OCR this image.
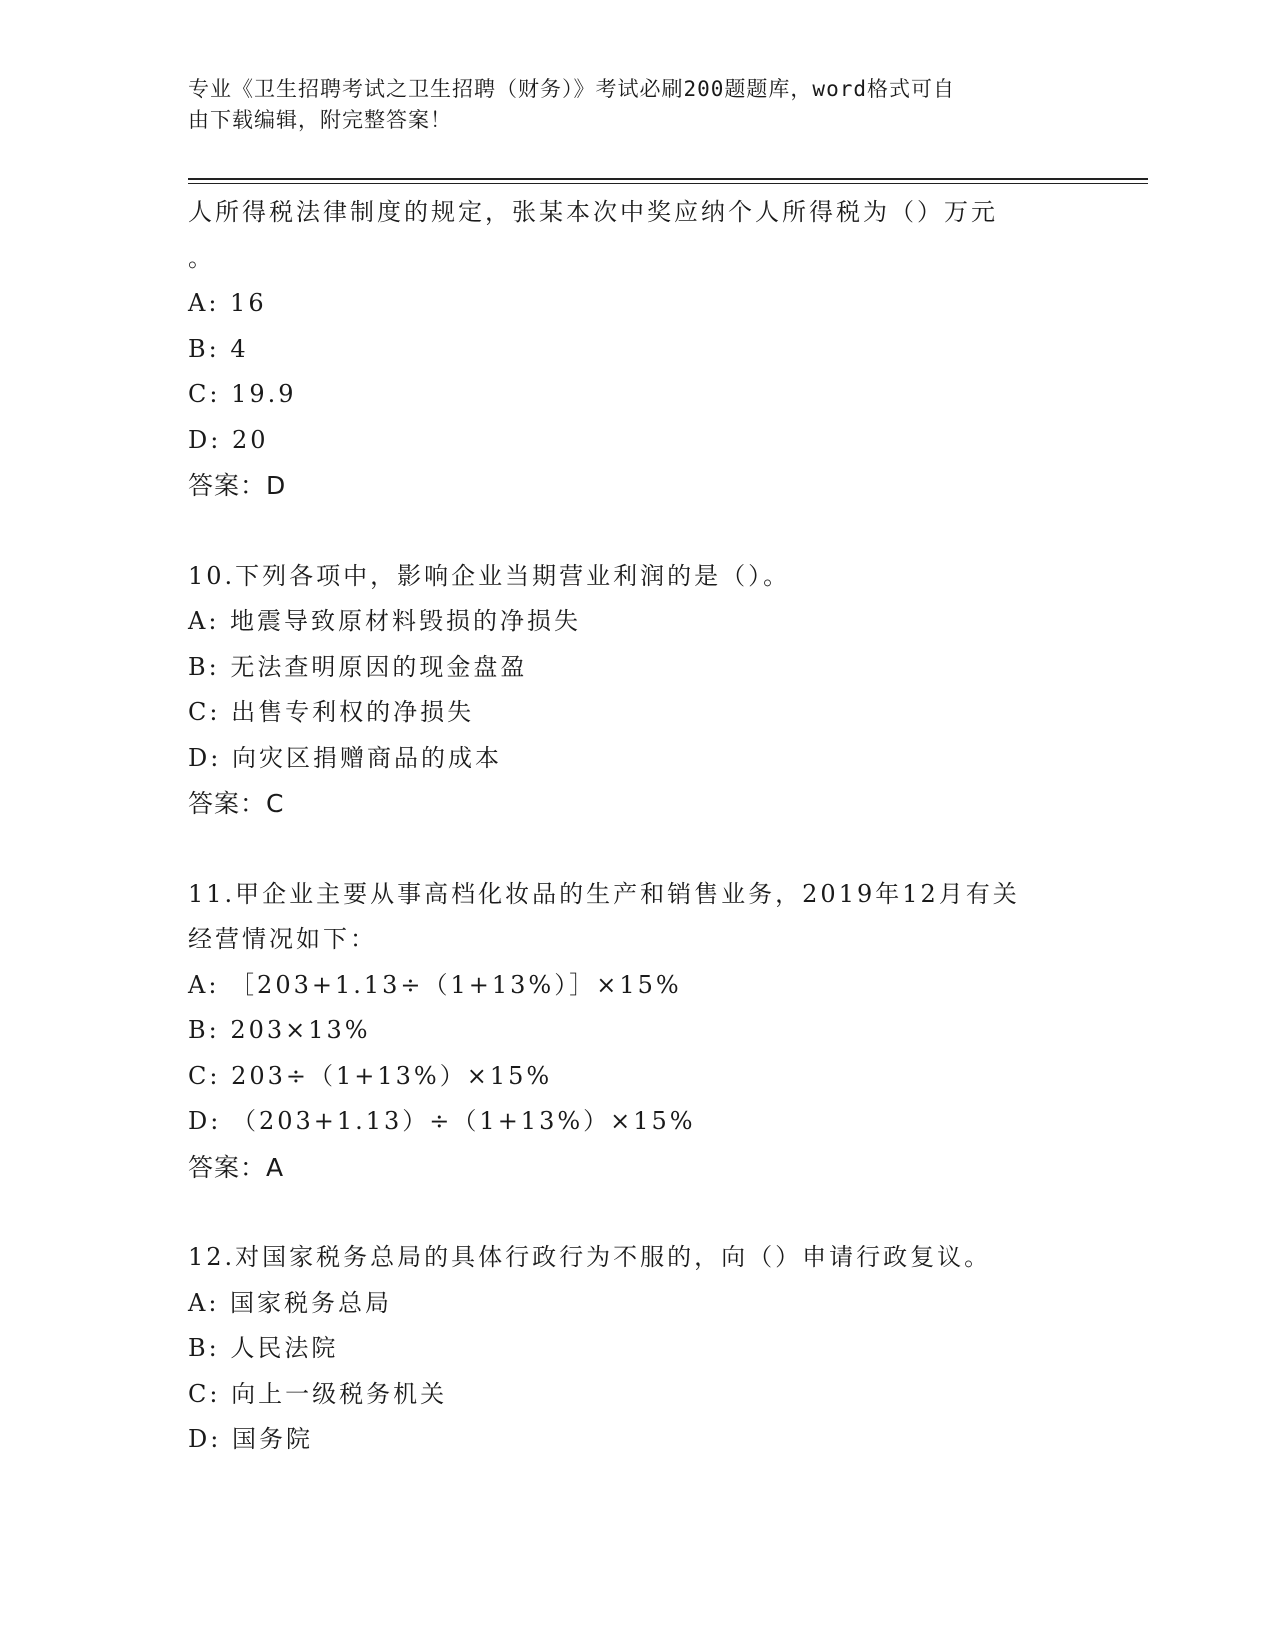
专业《卫生招聘考试之卫生招聘（财务）》考试必刷200题题库，word格式可自
由下载编辑，附完整答案！
人所得税法律制度的规定，张某本次中奖应纳个人所得税为（）万元
。
A: 16
B: 4
C: 19.9
D: 20
答案：D
10.下列各项中，影响企业当期营业利润的是（）。
A: 地震导致原材料毁损的净损失
B: 无法查明原因的现金盘盈
C: 出售专利权的净损失
D: 向灾区捐赠商品的成本
答案：C
11.甲企业主要从事高档化妆品的生产和销售业务，2019年12月有关
经营情况如下：
A: ［203+1.13÷（1+13%）］×15%
B: 203×13%
C: 203÷（1+13%）×15%
D: （203+1.13）÷（1+13%）×15%
答案：A
12.对国家税务总局的具体行政行为不服的，向（）申请行政复议。
A: 国家税务总局
B: 人民法院
C: 向上一级税务机关
D: 国务院
